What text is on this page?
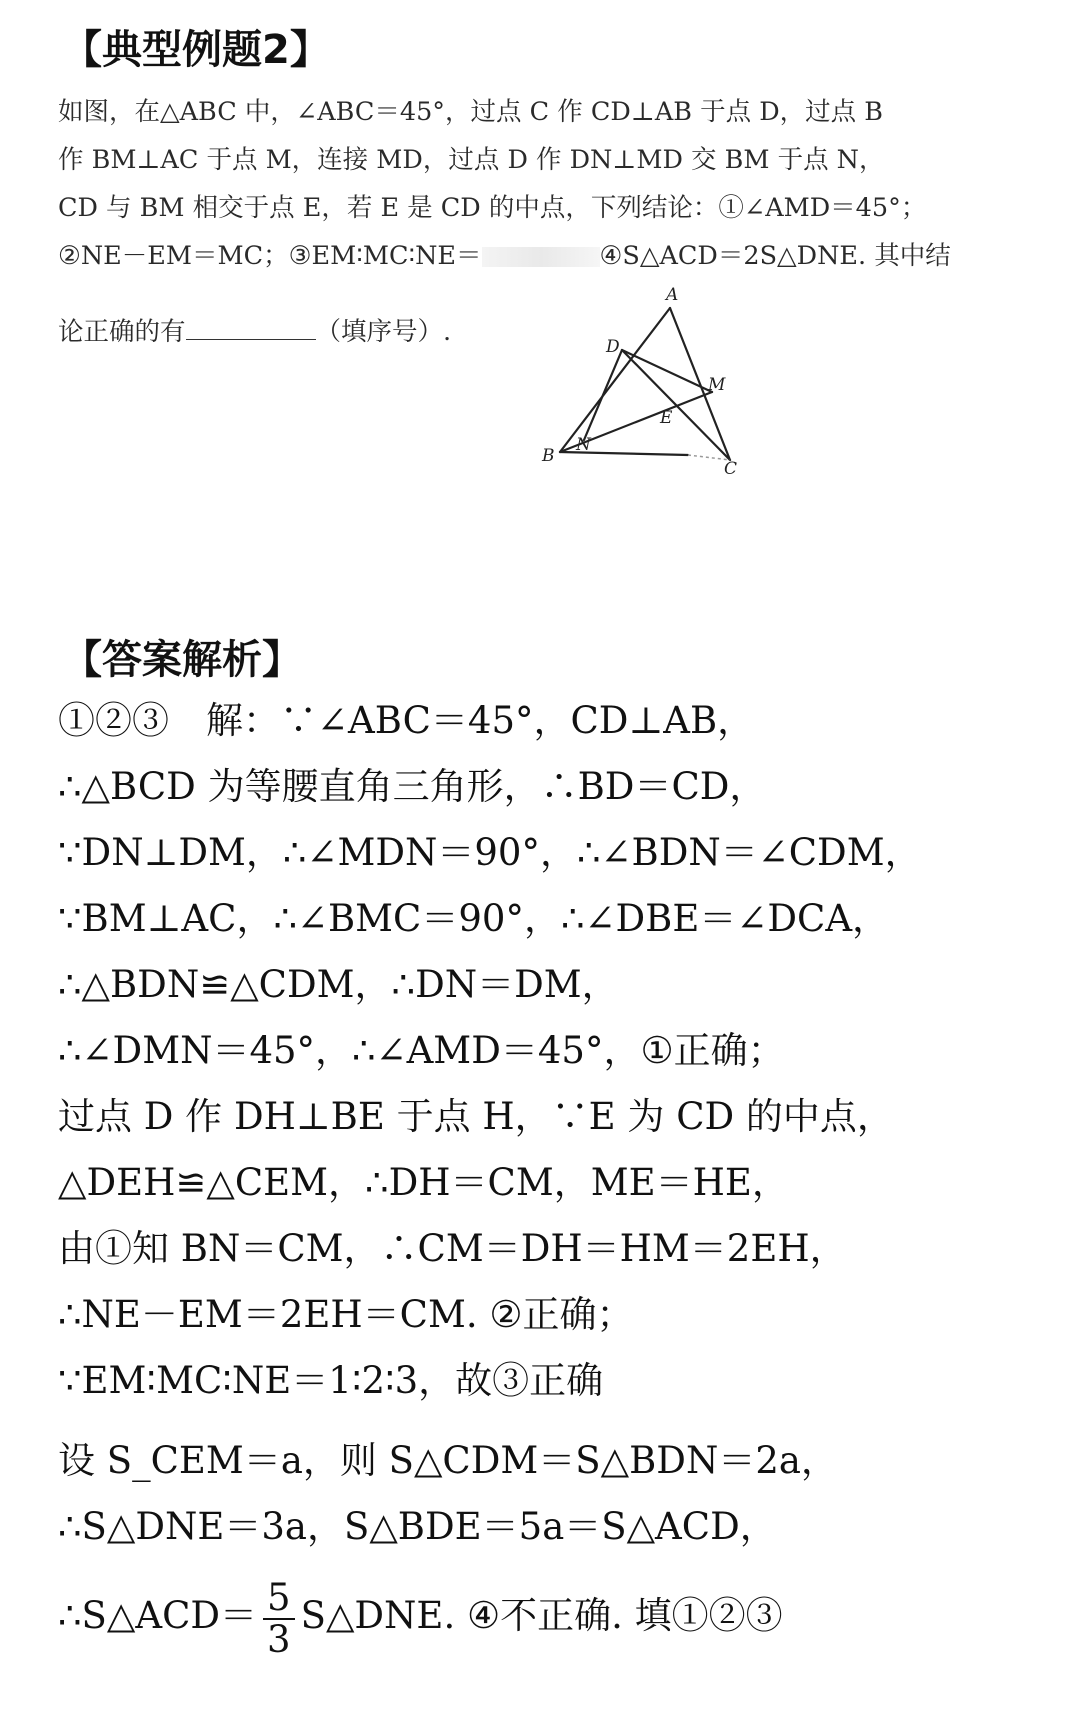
【典型例题2】
如图，在△ABC 中，∠ABC＝45°，过点 C 作 CD⊥AB 于点 D，过点 B
作 BM⊥AC 于点 M，连接 MD，过点 D 作 DN⊥MD 交 BM 于点 N，
CD 与 BM 相交于点 E，若 E 是 CD 的中点，下列结论：①∠AMD＝45°；
②NE－EM＝MC；③EM∶MC∶NE＝	④S△ACD＝2S△DNE. 其中结
论正确的有	（填序号）.
A
D
M
E
N
B
C
【答案解析】
①②③　解：∵∠ABC＝45°，CD⊥AB，
∴△BCD 为等腰直角三角形，∴BD＝CD，
∵DN⊥DM，∴∠MDN＝90°，∴∠BDN＝∠CDM，
∵BM⊥AC，∴∠BMC＝90°，∴∠DBE＝∠DCA，
∴△BDN≌△CDM，∴DN＝DM，
∴∠DMN＝45°，∴∠AMD＝45°，①正确；
过点 D 作 DH⊥BE 于点 H，∵E 为 CD 的中点，
△DEH≌△CEM，∴DH＝CM，ME＝HE，
由①知 BN＝CM，∴CM＝DH＝HM＝2EH，
∴NE－EM＝2EH＝CM. ②正确；
∵EM∶MC∶NE＝1∶2∶3，故③正确
设 S_CEM＝a，则 S△CDM＝S△BDN＝2a，
∴S△DNE＝3a，S△BDE＝5a＝S△ACD，
∴S△ACD＝ $\frac{5}{3}$ S△DNE. ④不正确. 填①②③
